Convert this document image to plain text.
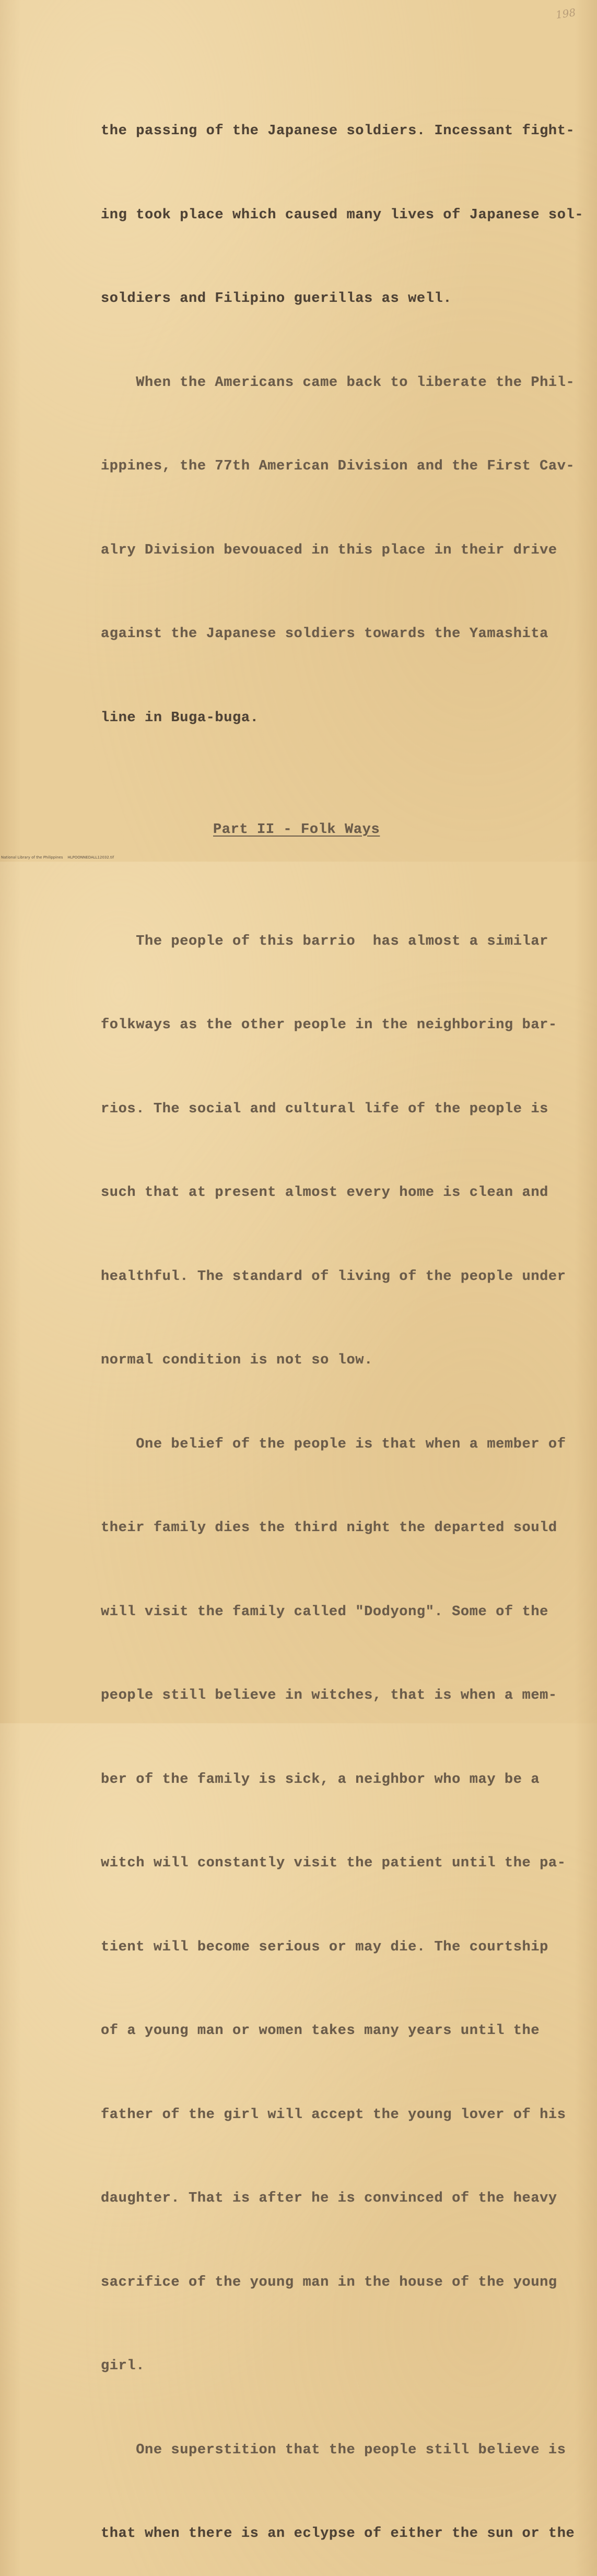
198

the passing of the Japanese soldiers. Incessant fight-

ing took place which caused many lives of Japanese sol-

soldiers and Filipino guerillas as well.

When the Americans came back to liberate the Phil-

ippines, the 77th American Division and the First Cav-

alry Division bevouaced in this place in their drive

against the Japanese soldiers towards the Yamashita

line in Buga-buga.

Part II - Folk Ways

The people of this barrio  has almost a similar

folkways as the other people in the neighboring bar-

rios. The social and cultural life of the people is

such that at present almost every home is clean and

healthful. The standard of living of the people under

normal condition is not so low.

One belief of the people is that when a member of

their family dies the third night the departed sould

will visit the family called "Dodyong". Some of the

people still believe in witches, that is when a mem-

ber of the family is sick, a neighbor who may be a

witch will constantly visit the patient until the pa-

tient will become serious or may die. The courtship

of a young man or women takes many years until the

father of the girl will accept the young lover of his

daughter. That is after he is convinced of the heavy

sacrifice of the young man in the house of the young

girl.

One superstition that the people still believe is

that when there is an eclypse of either the sun or the

National Library of the Philippines    HLPOONNEDALL12032.tif
